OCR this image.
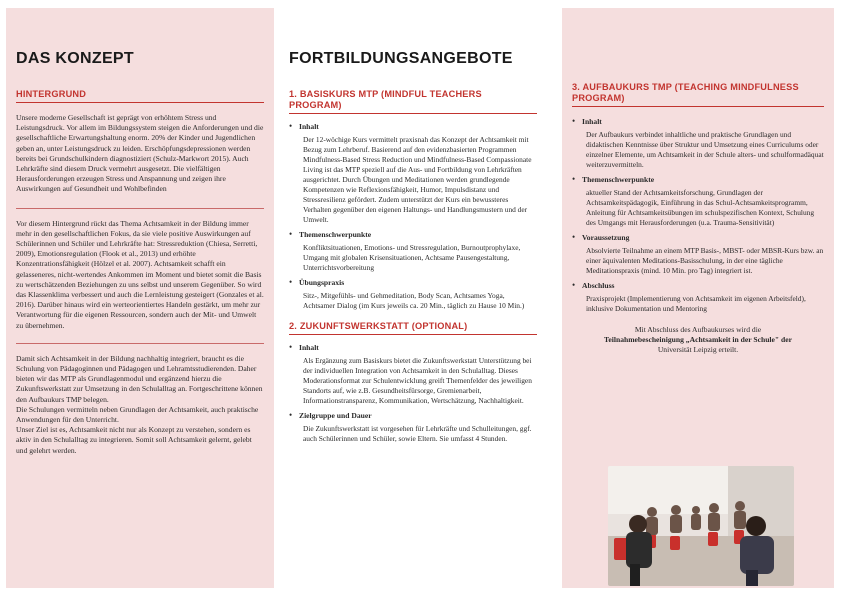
DAS KONZEPT
HINTERGRUND

Unsere moderne Gesellschaft ist geprägt von erhöhtem Stress und Leistungsdruck. Vor allem im Bildungssystem steigen die Anforderungen und die gesellschaftliche Erwartungshaltung enorm. 20% der Kinder und Jugendlichen geben an, unter Leistungsdruck zu leiden. Erschöpfungsdepressionen werden bereits bei Grundschulkindern diagnostiziert (Schulz-Markwort 2015). Auch Lehrkräfte sind diesem Druck vermehrt ausgesetzt. Die vielfältigen Herausforderungen erzeugen Stress und Anspannung und zeigen ihre Auswirkungen auf Gesundheit und Wohlbefinden

Vor diesem Hintergrund rückt das Thema Achtsamkeit in der Bildung immer mehr in den gesellschaftlichen Fokus, da sie viele positive Auswirkungen auf Schülerinnen und Schüler und Lehrkräfte hat: Stressreduktion (Chiesa, Serretti, 2009), Emotionsregulation (Flook et al., 2013) und erhöhte Konzentrationsfähigkeit (Hölzel et al. 2007). Achtsamkeit schafft ein gelasseneres, nicht-wertendes Ankommen im Moment und bietet somit die Basis zu wertschätzenden Beziehungen zu uns selbst und unserem Gegenüber. So wird das Klassenklima verbessert und auch die Lernleistung gesteigert (Gonzales et al. 2016). Darüber hinaus wird ein werteorientiertes Handeln gestärkt, um mehr zur Verantwortung für die eigenen Ressourcen, sondern auch der Mit- und Umwelt zu übernehmen.

Damit sich Achtsamkeit in der Bildung nachhaltig integriert, braucht es die Schulung von Pädagoginnen und Pädagogen und Lehramtsstudierenden. Daher bieten wir das MTP als Grundlagenmodul und ergänzend hierzu die Zukunftswerkstatt zur Umsetzung in den Schulalltag an. Fortgeschrittene können den Aufbaukurs TMP belegen.

Die Schulungen vermitteln neben Grundlagen der Achtsamkeit, auch praktische Anwendungen für den Unterricht.

Unser Ziel ist es, Achtsamkeit nicht nur als Konzept zu verstehen, sondern es aktiv in den Schulalltag zu integrieren. Somit soll Achtsamkeit gelernt, gelebt und gelehrt werden.

FORTBILDUNGSANGEBOTE
1. BASISKURS MTP (MINDFUL TEACHERS PROGRAM)
• Inhalt
Der 12-wöchige Kurs vermittelt praxisnah das Konzept der Achtsamkeit mit Bezug zum Lehrberuf. Basierend auf den evidenzbasierten Programmen Mindfulness-Based Stress Reduction und Mindfulness-Based Compassionate Living ist das MTP speziell auf die Aus- und Fortbildung von Lehrkräften ausgerichtet. Durch Übungen und Meditationen werden grundlegende Kompetenzen wie Reflexionsfähigkeit, Humor, Impulsdistanz und Stressresilienz gefördert. Zudem unterstützt der Kurs ein bewussteres Verhalten gegenüber den eigenen Haltungs- und Handlungsmustern und der Umwelt.
• Themenschwerpunkte
Konfliktsituationen, Emotions- und Stressregulation, Burnoutprophylaxe, Umgang mit globalen Krisensituationen, Achtsame Pausengestaltung, Unterrichtsvorbereitung
• Übungspraxis
Sitz-, Mitgefühls- und Gehmeditation, Body Scan, Achtsames Yoga, Achtsamer Dialog (im Kurs jeweils ca. 20 Min., täglich zu Hause 10 Min.)
2. ZUKUNFTSWERKSTATT (OPTIONAL)
• Inhalt
Als Ergänzung zum Basiskurs bietet die Zukunftswerkstatt Unterstützung bei der individuellen Integration von Achtsamkeit in den Schulalltag. Dieses Moderationsformat zur Schulentwicklung greift Themenfelder des jeweiligen Standorts auf, wie z.B. Gesundheitsfürsorge, Gremienarbeit, Informationstransparenz, Kommunikation, Wertschätzung, Nachhaltigkeit.
• Zielgruppe und Dauer
Die Zukunftswerkstatt ist vorgesehen für Lehrkräfte und Schulleitungen, ggf. auch Schülerinnen und Schüler, sowie Eltern. Sie umfasst 4 Stunden.
3. AUFBAUKURS TMP (TEACHING MINDFULNESS PROGRAM)
• Inhalt
Der Aufbaukurs verbindet inhaltliche und praktische Grundlagen und didaktischen Kenntnisse über Struktur und Umsetzung eines Curriculums oder einzelner Elemente, um Achtsamkeit in der Schule alters- und schulformadäquat weiterzuvermitteln.
• Themenschwerpunkte
aktueller Stand der Achtsamkeitsforschung, Grundlagen der Achtsamkeitspädagogik, Einführung in das Schul-Achtsamkeitsprogramm, Anleitung für Achtsamkeitsübungen im schulspezifischen Kontext, Schulung des Umgangs mit Herausforderungen (u.a. Trauma-Sensitivität)
• Voraussetzung
Absolvierte Teilnahme an einem MTP Basis-, MBST- oder MBSR-Kurs bzw. an einer äquivalenten Meditations-Basisschulung, in der eine tägliche Meditationspraxis (mind. 10 Min. pro Tag) integriert ist.
• Abschluss
Praxisprojekt (Implementierung von Achtsamkeit im eigenen Arbeitsfeld), inklusive Dokumentation und Mentoring

Mit Abschluss des Aufbaukurses wird die
Teilnahmebescheinigung „Achtsamkeit in der Schule" der
Universität Leipzig erteilt.
